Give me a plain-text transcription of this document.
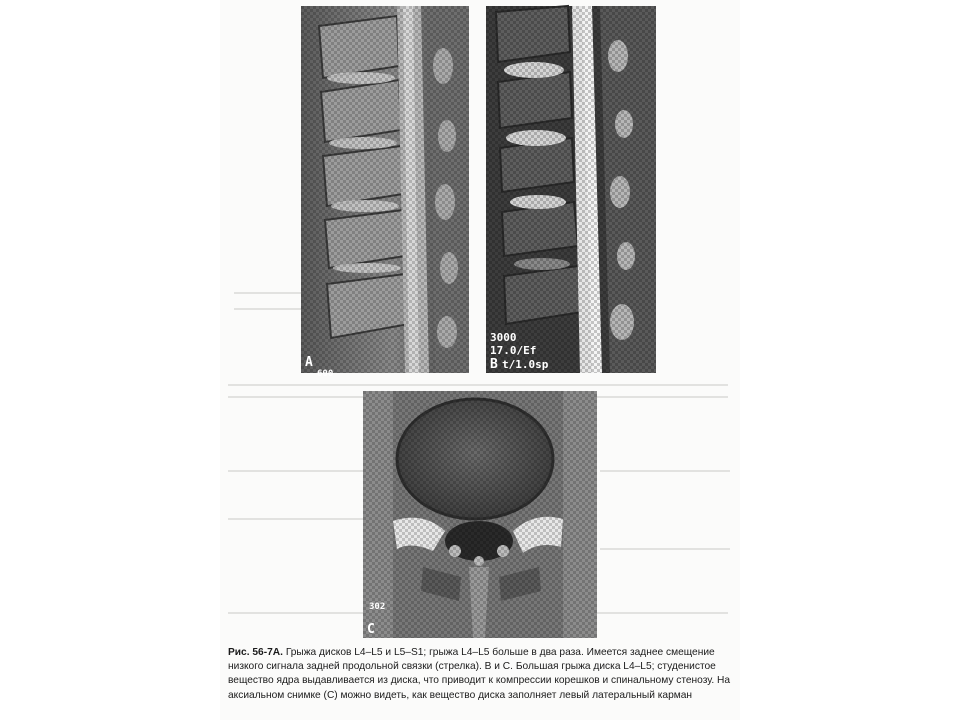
A
600
3000
17.0/Ef
B t/1.0sp
302
C
Рис. 56-7А. Грыжа дисков L4–L5 и L5–S1; грыжа L4–L5 больше в два раза. Имеется заднее смещение низкого сигнала задней продольной связки (стрелка). В и С. Большая грыжа диска L4–L5; студенистое вещество ядра выдавливается из диска, что приводит к компрессии корешков и спинальному стенозу. На аксиальном снимке (С) можно видеть, как вещество диска заполняет левый латеральный карман
